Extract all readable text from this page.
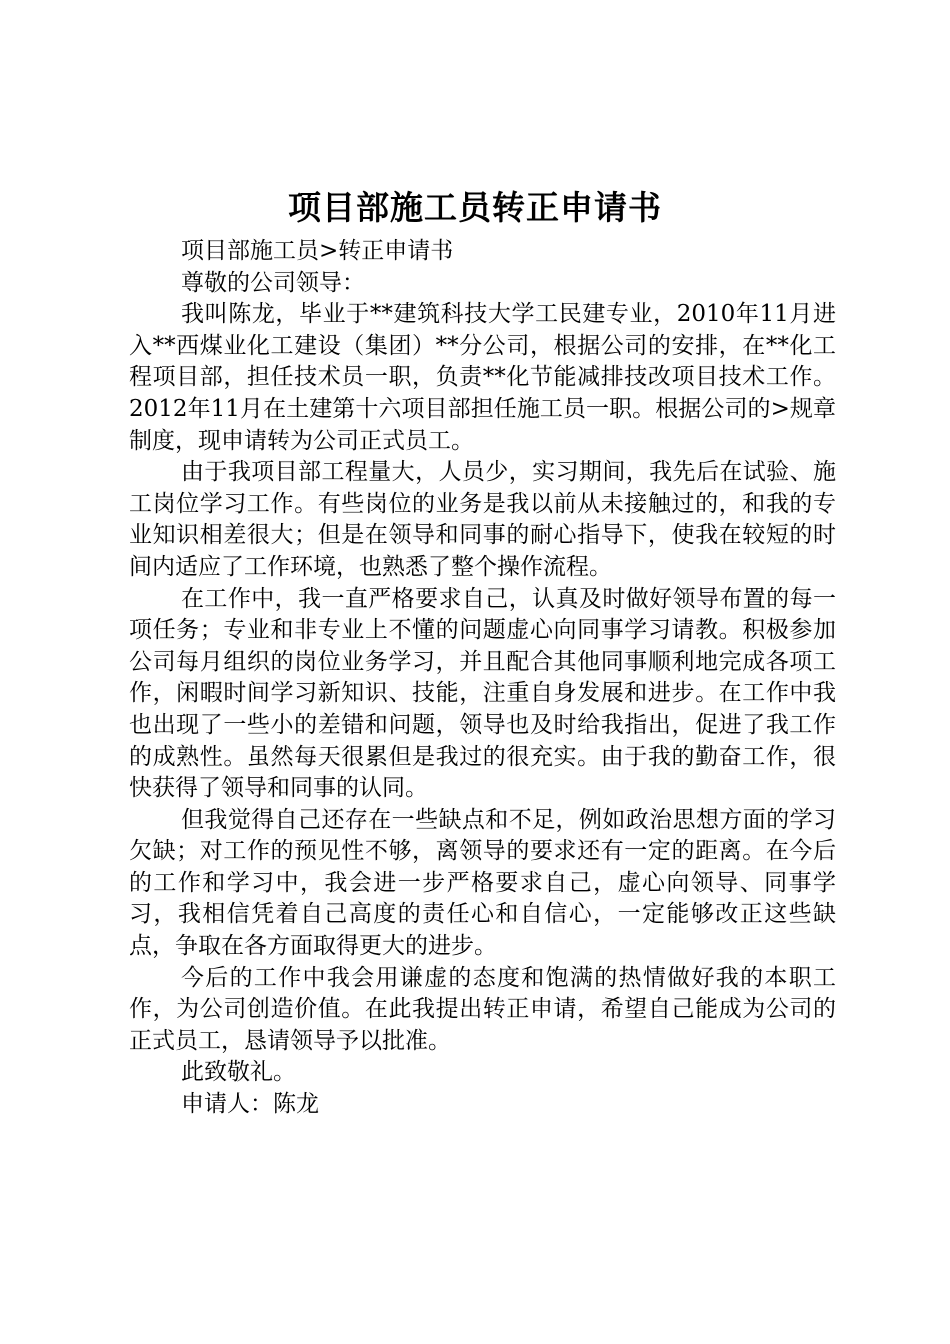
项目部施工员转正申请书

项目部施工员>转正申请书

尊敬的公司领导：

我叫陈龙，毕业于**建筑科技大学工民建专业，2010年11月进入**西煤业化工建设（集团）**分公司，根据公司的安排，在**化工程项目部，担任技术员一职，负责**化节能减排技改项目技术工作。2012年11月在土建第十六项目部担任施工员一职。根据公司的>规章制度，现申请转为公司正式员工。

由于我项目部工程量大，人员少，实习期间，我先后在试验、施工岗位学习工作。有些岗位的业务是我以前从未接触过的，和我的专业知识相差很大；但是在领导和同事的耐心指导下，使我在较短的时间内适应了工作环境，也熟悉了整个操作流程。

在工作中，我一直严格要求自己，认真及时做好领导布置的每一项任务；专业和非专业上不懂的问题虚心向同事学习请教。积极参加公司每月组织的岗位业务学习，并且配合其他同事顺利地完成各项工作，闲暇时间学习新知识、技能，注重自身发展和进步。在工作中我也出现了一些小的差错和问题，领导也及时给我指出，促进了我工作的成熟性。虽然每天很累但是我过的很充实。由于我的勤奋工作，很快获得了领导和同事的认同。

但我觉得自己还存在一些缺点和不足，例如政治思想方面的学习欠缺；对工作的预见性不够，离领导的要求还有一定的距离。在今后的工作和学习中，我会进一步严格要求自己，虚心向领导、同事学习，我相信凭着自己高度的责任心和自信心，一定能够改正这些缺点，争取在各方面取得更大的进步。

今后的工作中我会用谦虚的态度和饱满的热情做好我的本职工作，为公司创造价值。在此我提出转正申请，希望自己能成为公司的正式员工，恳请领导予以批准。

此致敬礼。

申请人：陈龙
